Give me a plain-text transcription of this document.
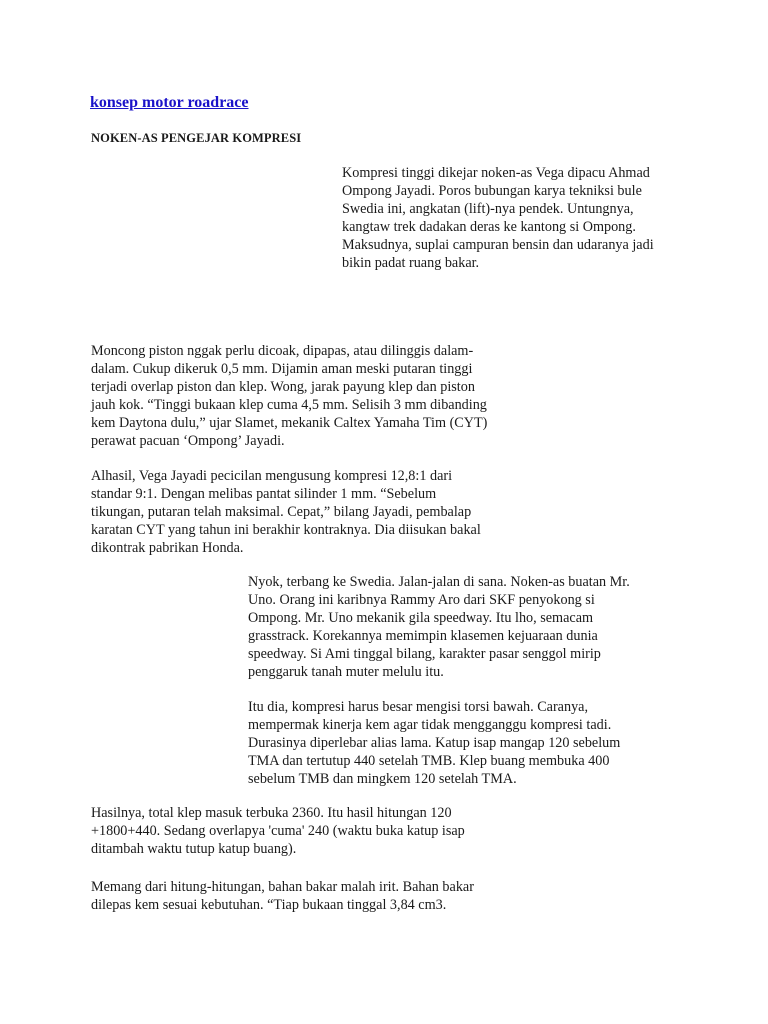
konsep motor roadrace
NOKEN-AS PENGEJAR KOMPRESI

Kompresi tinggi dikejar noken-as Vega dipacu Ahmad
Ompong Jayadi. Poros bubungan karya tekniksi bule
Swedia ini, angkatan (lift)-nya pendek. Untungnya,
kangtaw trek dadakan deras ke kantong si Ompong.
Maksudnya, suplai campuran bensin dan udaranya jadi
bikin padat ruang bakar.

Moncong piston nggak perlu dicoak, dipapas, atau dilinggis dalam-
dalam. Cukup dikeruk 0,5 mm. Dijamin aman meski putaran tinggi
terjadi overlap piston dan klep. Wong, jarak payung klep dan piston
jauh kok. “Tinggi bukaan klep cuma 4,5 mm. Selisih 3 mm dibanding
kem Daytona dulu,” ujar Slamet, mekanik Caltex Yamaha Tim (CYT)
perawat pacuan ‘Ompong’ Jayadi.

Alhasil, Vega Jayadi pecicilan mengusung kompresi 12,8:1 dari
standar 9:1. Dengan melibas pantat silinder 1 mm. “Sebelum
tikungan, putaran telah maksimal. Cepat,” bilang Jayadi, pembalap
karatan CYT yang tahun ini berakhir kontraknya. Dia diisukan bakal
dikontrak pabrikan Honda.

Nyok, terbang ke Swedia. Jalan-jalan di sana. Noken-as buatan Mr.
Uno. Orang ini karibnya Rammy Aro dari SKF penyokong si
Ompong. Mr. Uno mekanik gila speedway. Itu lho, semacam
grasstrack. Korekannya memimpin klasemen kejuaraan dunia
speedway. Si Ami tinggal bilang, karakter pasar senggol mirip
penggaruk tanah muter melulu itu.

Itu dia, kompresi harus besar mengisi torsi bawah. Caranya,
mempermak kinerja kem agar tidak mengganggu kompresi tadi.
Durasinya diperlebar alias lama. Katup isap mangap 120 sebelum
TMA dan tertutup 440 setelah TMB. Klep buang membuka 400
sebelum TMB dan mingkem 120 setelah TMA.

Hasilnya, total klep masuk terbuka 2360. Itu hasil hitungan 120
+1800+440. Sedang overlapya 'cuma' 240 (waktu buka katup isap
ditambah waktu tutup katup buang).

Memang dari hitung-hitungan, bahan bakar malah irit. Bahan bakar
dilepas kem sesuai kebutuhan. “Tiap bukaan tinggal 3,84 cm3.
